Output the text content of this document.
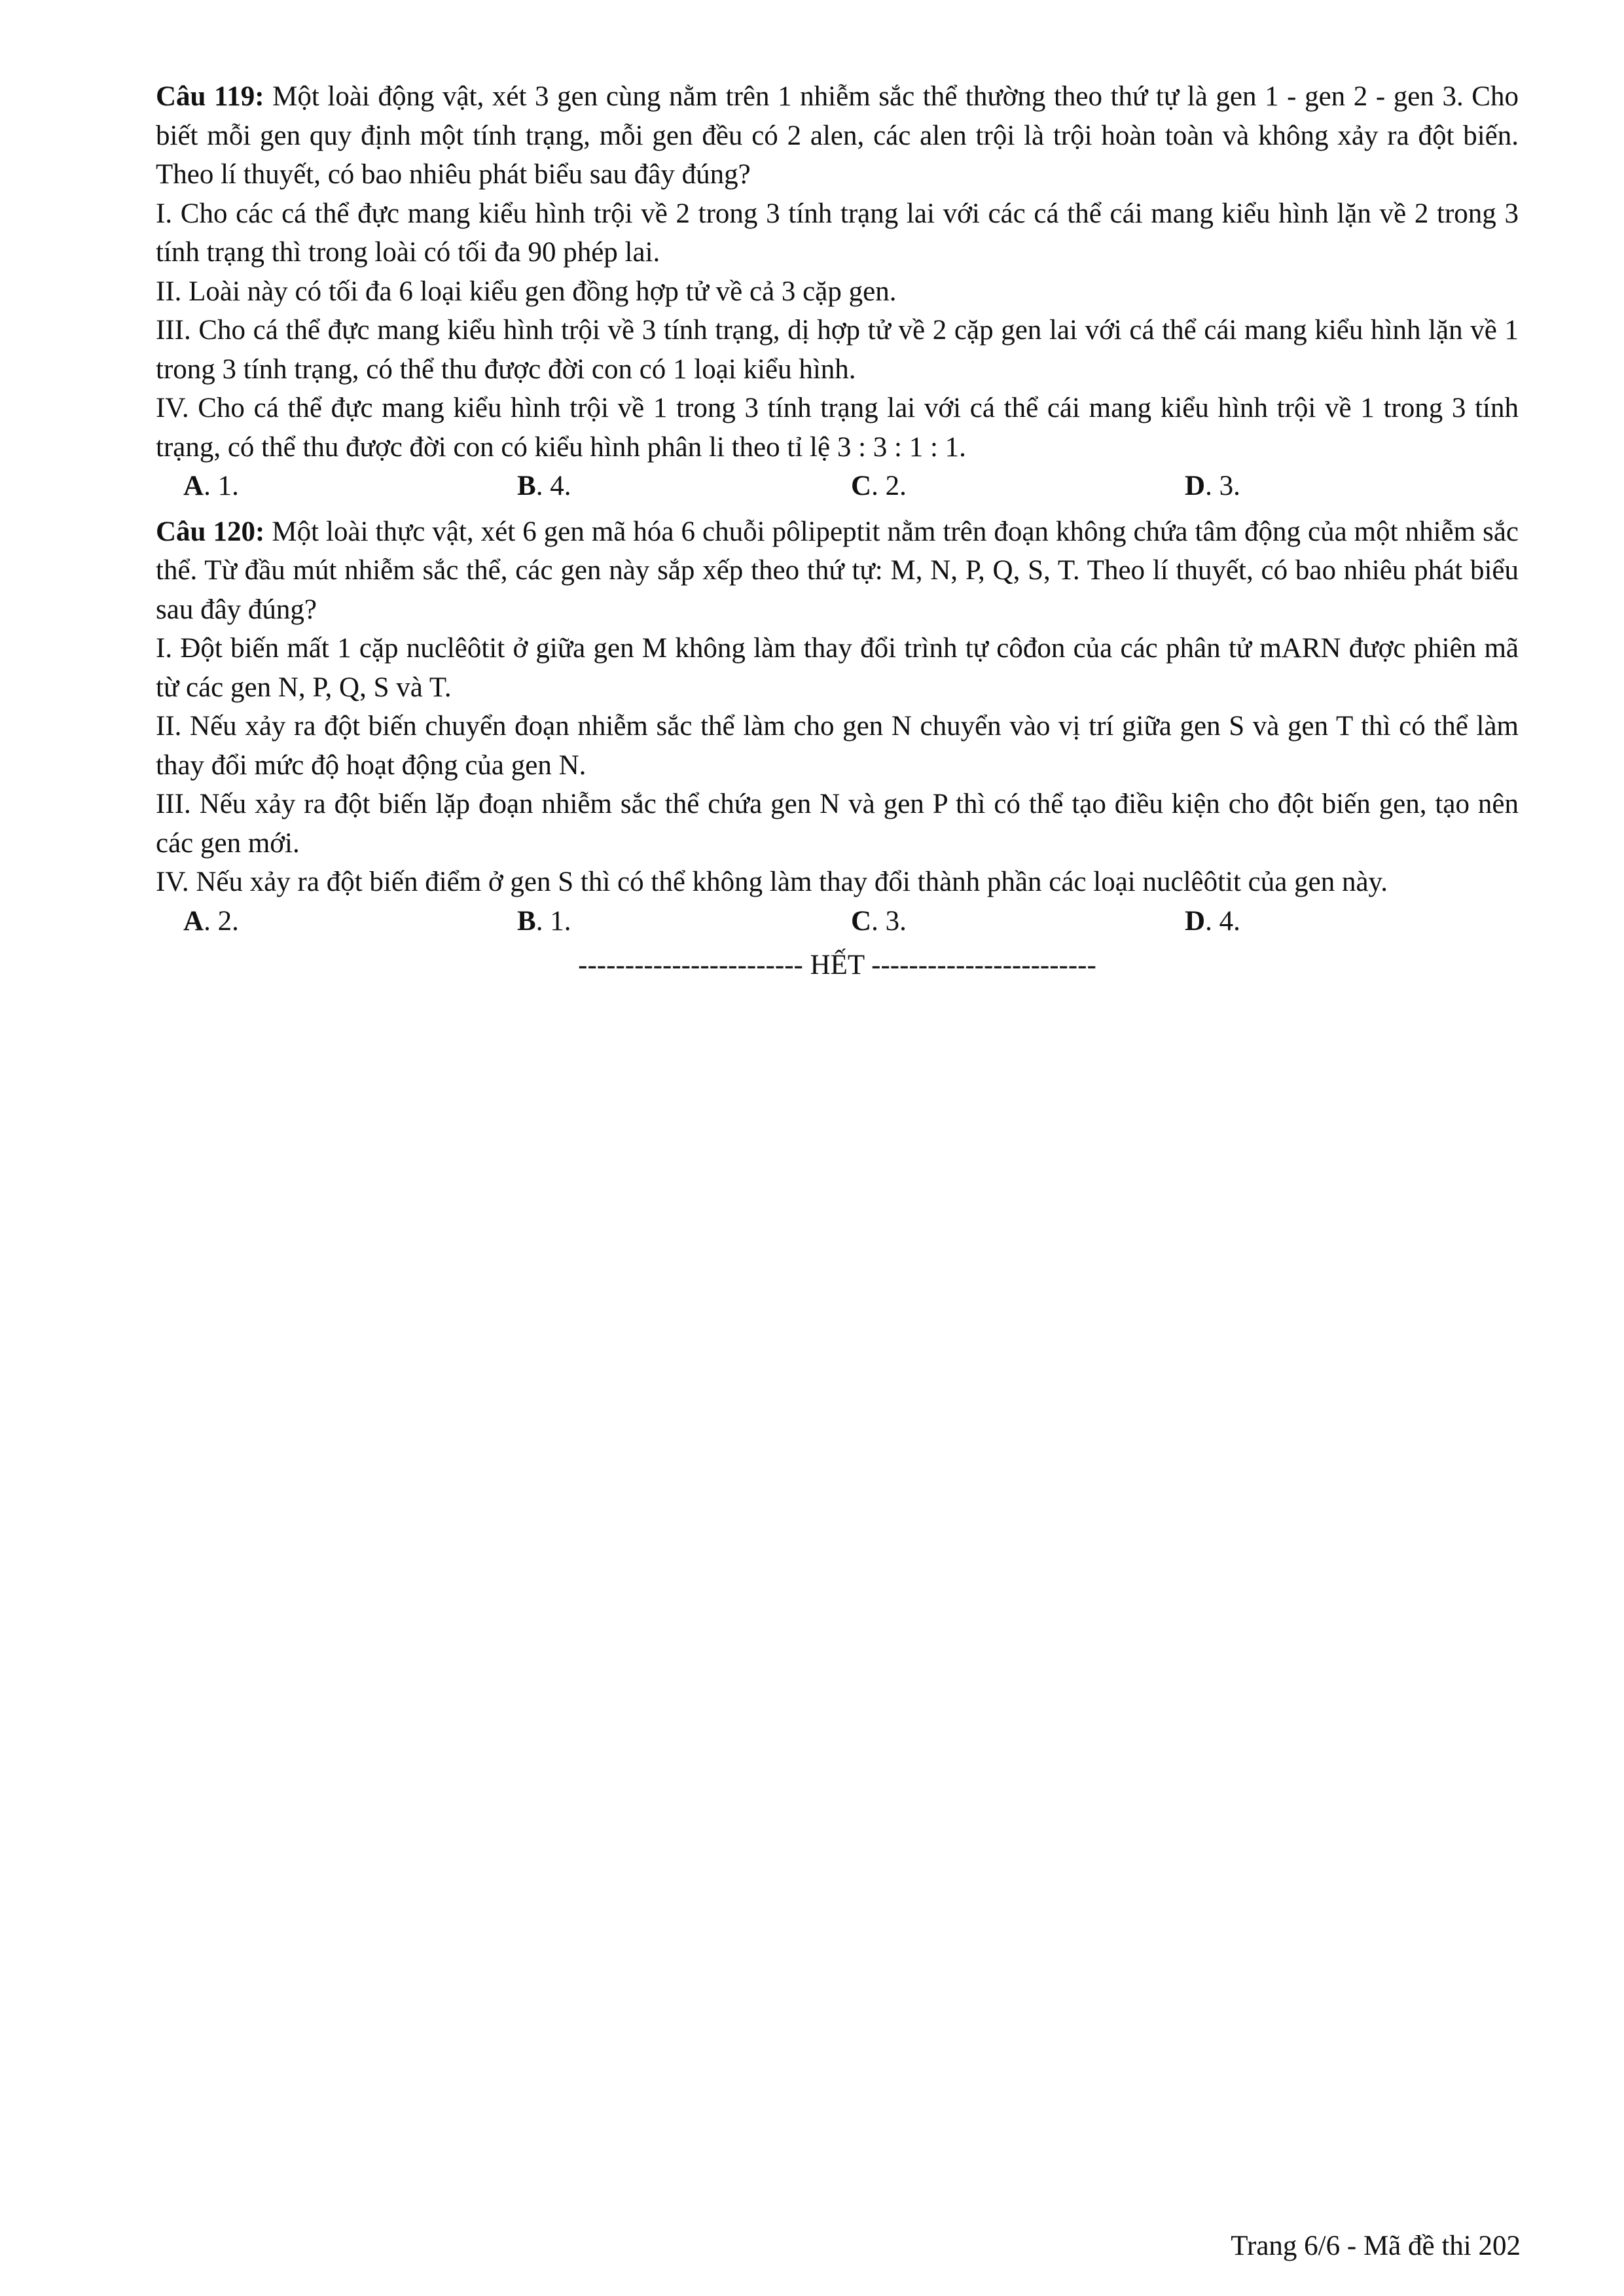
Câu 119: Một loài động vật, xét 3 gen cùng nằm trên 1 nhiễm sắc thể thường theo thứ tự là gen 1 - gen 2 - gen 3. Cho biết mỗi gen quy định một tính trạng, mỗi gen đều có 2 alen, các alen trội là trội hoàn toàn và không xảy ra đột biến. Theo lí thuyết, có bao nhiêu phát biểu sau đây đúng?

I. Cho các cá thể đực mang kiểu hình trội về 2 trong 3 tính trạng lai với các cá thể cái mang kiểu hình lặn về 2 trong 3 tính trạng thì trong loài có tối đa 90 phép lai.

II. Loài này có tối đa 6 loại kiểu gen đồng hợp tử về cả 3 cặp gen.

III. Cho cá thể đực mang kiểu hình trội về 3 tính trạng, dị hợp tử về 2 cặp gen lai với cá thể cái mang kiểu hình lặn về 1 trong 3 tính trạng, có thể thu được đời con có 1 loại kiểu hình.

IV. Cho cá thể đực mang kiểu hình trội về 1 trong 3 tính trạng lai với cá thể cái mang kiểu hình trội về 1 trong 3 tính trạng, có thể thu được đời con có kiểu hình phân li theo tỉ lệ 3 : 3 : 1 : 1.

A. 1.	B. 4.	C. 2.	D. 3.

Câu 120: Một loài thực vật, xét 6 gen mã hóa 6 chuỗi pôlipeptit nằm trên đoạn không chứa tâm động của một nhiễm sắc thể. Từ đầu mút nhiễm sắc thể, các gen này sắp xếp theo thứ tự: M, N, P, Q, S, T. Theo lí thuyết, có bao nhiêu phát biểu sau đây đúng?

I. Đột biến mất 1 cặp nuclêôtit ở giữa gen M không làm thay đổi trình tự côđon của các phân tử mARN được phiên mã từ các gen N, P, Q, S và T.

II. Nếu xảy ra đột biến chuyển đoạn nhiễm sắc thể làm cho gen N chuyển vào vị trí giữa gen S và gen T thì có thể làm thay đổi mức độ hoạt động của gen N.

III. Nếu xảy ra đột biến lặp đoạn nhiễm sắc thể chứa gen N và gen P thì có thể tạo điều kiện cho đột biến gen, tạo nên các gen mới.

IV. Nếu xảy ra đột biến điểm ở gen S thì có thể không làm thay đổi thành phần các loại nuclêôtit của gen này.

A. 2.	B. 1.	C. 3.	D. 4.
------------------------ HẾT ------------------------
Trang 6/6 - Mã đề thi 202
